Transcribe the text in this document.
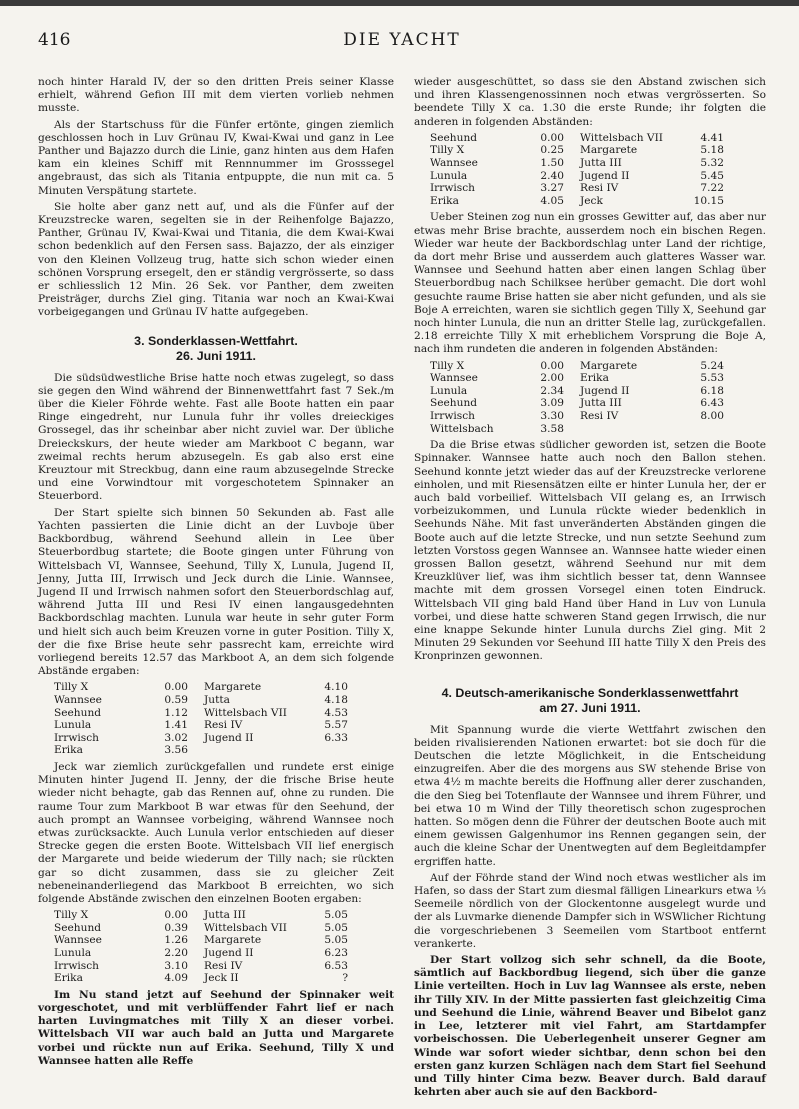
416	DIE YACHT

noch hinter Harald IV, der so den dritten Preis seiner Klasse erhielt, während Gefion III mit dem vierten vorlieb nehmen musste.

Als der Startschuss für die Fünfer ertönte, gingen ziemlich geschlossen hoch in Luv Grünau IV, Kwai-Kwai und ganz in Lee Panther und Bajazzo durch die Linie, ganz hinten aus dem Hafen kam ein kleines Schiff mit Rennnummer im Grosssegel angebraust, das sich als Titania entpuppte, die nun mit ca. 5 Minuten Verspätung startete.

Sie holte aber ganz nett auf, und als die Fünfer auf der Kreuzstrecke waren, segelten sie in der Reihenfolge Bajazzo, Panther, Grünau IV, Kwai-Kwai und Titania, die dem Kwai-Kwai schon bedenklich auf den Fersen sass. Bajazzo, der als einziger von den Kleinen Vollzeug trug, hatte sich schon wieder einen schönen Vorsprung ersegelt, den er ständig vergrösserte, so dass er schliesslich 12 Min. 26 Sek. vor Panther, dem zweiten Preisträger, durchs Ziel ging. Titania war noch an Kwai-Kwai vorbeigegangen und Grünau IV hatte aufgegeben.

3. Sonderklassen-Wettfahrt.
26. Juni 1911.

Die südsüdwestliche Brise hatte noch etwas zugelegt, so dass sie gegen den Wind während der Binnenwettfahrt fast 7 Sek./m über die Kieler Föhrde wehte. Fast alle Boote hatten ein paar Ringe eingedreht, nur Lunula fuhr ihr volles dreieckiges Grossegel, das ihr scheinbar aber nicht zuviel war. Der übliche Dreieckskurs, der heute wieder am Markboot C begann, war zweimal rechts herum abzusegeln. Es gab also erst eine Kreuztour mit Streckbug, dann eine raum abzusegelnde Strecke und eine Vorwindtour mit vorgeschotetem Spinnaker an Steuerbord.

Der Start spielte sich binnen 50 Sekunden ab. Fast alle Yachten passierten die Linie dicht an der Luvboje über Backbordbug, während Seehund allein in Lee über Steuerbordbug startete; die Boote gingen unter Führung von Wittelsbach VI, Wannsee, Seehund, Tilly X, Lunula, Jugend II, Jenny, Jutta III, Irrwisch und Jeck durch die Linie. Wannsee, Jugend II und Irrwisch nahmen sofort den Steuerbordschlag auf, während Jutta III und Resi IV einen langausgedehnten Backbordschlag machten. Lunula war heute in sehr guter Form und hielt sich auch beim Kreuzen vorne in guter Position. Tilly X, der die fixe Brise heute sehr passrecht kam, erreichte wird vorliegend bereits 12.57 das Markboot A, an dem sich folgende Abstände ergaben:

Tilly X	0.00	Margarete	4.10
Wannsee	0.59	Jutta	4.18
Seehund	1.12	Wittelsbach VII	4.53
Lunula	1.41	Resi IV	5.57
Irrwisch	3.02	Jugend II	6.33
Erika	3.56		

Jeck war ziemlich zurückgefallen und rundete erst einige Minuten hinter Jugend II. Jenny, der die frische Brise heute wieder nicht behagte, gab das Rennen auf, ohne zu runden. Die raume Tour zum Markboot B war etwas für den Seehund, der auch prompt an Wannsee vorbeiging, während Wannsee noch etwas zurücksackte. Auch Lunula verlor entschieden auf dieser Strecke gegen die ersten Boote. Wittelsbach VII lief energisch der Margarete und beide wiederum der Tilly nach; sie rückten gar so dicht zusammen, dass sie zu gleicher Zeit nebeneinanderliegend das Markboot B erreichten, wo sich folgende Abstände zwischen den einzelnen Booten ergaben:

Tilly X	0.00	Jutta III	5.05
Seehund	0.39	Wittelsbach VII	5.05
Wannsee	1.26	Margarete	5.05
Lunula	2.20	Jugend II	6.23
Irrwisch	3.10	Resi IV	6.53
Erika	4.09	Jeck II	?

Im Nu stand jetzt auf Seehund der Spinnaker weit vorgeschotet, und mit verblüffender Fahrt lief er nach harten Luvingmatches mit Tilly X an dieser vorbei. Wittelsbach VII war auch bald an Jutta und Margarete vorbei und rückte nun auf Erika. Seehund, Tilly X und Wannsee hatten alle Reffe

wieder ausgeschüttet, so dass sie den Abstand zwischen sich und ihren Klassengenossinnen noch etwas vergrösserten. So beendete Tilly X ca. 1.30 die erste Runde; ihr folgten die anderen in folgenden Abständen:

Seehund	0.00	Wittelsbach VII	4.41
Tilly X	0.25	Margarete	5.18
Wannsee	1.50	Jutta III	5.32
Lunula	2.40	Jugend II	5.45
Irrwisch	3.27	Resi IV	7.22
Erika	4.05	Jeck	10.15

Ueber Steinen zog nun ein grosses Gewitter auf, das aber nur etwas mehr Brise brachte, ausserdem noch ein bischen Regen. Wieder war heute der Backbordschlag unter Land der richtige, da dort mehr Brise und ausserdem auch glatteres Wasser war. Wannsee und Seehund hatten aber einen langen Schlag über Steuerbordbug nach Schilksee herüber gemacht. Die dort wohl gesuchte raume Brise hatten sie aber nicht gefunden, und als sie Boje A erreichten, waren sie sichtlich gegen Tilly X, Seehund gar noch hinter Lunula, die nun an dritter Stelle lag, zurückgefallen. 2.18 erreichte Tilly X mit erheblichem Vorsprung die Boje A, nach ihm rundeten die anderen in folgenden Abständen:

Tilly X	0.00	Margarete	5.24
Wannsee	2.00	Erika	5.53
Lunula	2.34	Jugend II	6.18
Seehund	3.09	Jutta III	6.43
Irrwisch	3.30	Resi IV	8.00
Wittelsbach	3.58		

Da die Brise etwas südlicher geworden ist, setzen die Boote Spinnaker. Wannsee hatte auch noch den Ballon stehen. Seehund konnte jetzt wieder das auf der Kreuzstrecke verlorene einholen, und mit Riesensätzen eilte er hinter Lunula her, der er auch bald vorbeilief. Wittelsbach VII gelang es, an Irrwisch vorbeizukommen, und Lunula rückte wieder bedenklich in Seehunds Nähe. Mit fast unveränderten Abständen gingen die Boote auch auf die letzte Strecke, und nun setzte Seehund zum letzten Vorstoss gegen Wannsee an. Wannsee hatte wieder einen grossen Ballon gesetzt, während Seehund nur mit dem Kreuzklüver lief, was ihm sichtlich besser tat, denn Wannsee machte mit dem grossen Vorsegel einen toten Eindruck. Wittelsbach VII ging bald Hand über Hand in Luv von Lunula vorbei, und diese hatte schweren Stand gegen Irrwisch, die nur eine knappe Sekunde hinter Lunula durchs Ziel ging. Mit 2 Minuten 29 Sekunden vor Seehund III hatte Tilly X den Preis des Kronprinzen gewonnen.

4. Deutsch-amerikanische Sonderklassenwettfahrt
am 27. Juni 1911.

Mit Spannung wurde die vierte Wettfahrt zwischen den beiden rivalisierenden Nationen erwartet: bot sie doch für die Deutschen die letzte Möglichkeit, in die Entscheidung einzugreifen. Aber die des morgens aus SW stehende Brise von etwa 4½ m machte bereits die Hoffnung aller derer zuschanden, die den Sieg bei Totenflaute der Wannsee und ihrem Führer, und bei etwa 10 m Wind der Tilly theoretisch schon zugesprochen hatten. So mögen denn die Führer der deutschen Boote auch mit einem gewissen Galgenhumor ins Rennen gegangen sein, der auch die kleine Schar der Unentwegten auf dem Begleitdampfer ergriffen hatte.

Auf der Föhrde stand der Wind noch etwas westlicher als im Hafen, so dass der Start zum diesmal fälligen Linearkurs etwa ⅓ Seemeile nördlich von der Glockentonne ausgelegt wurde und der als Luvmarke dienende Dampfer sich in WSWlicher Richtung die vorgeschriebenen 3 Seemeilen vom Startboot entfernt verankerte.

Der Start vollzog sich sehr schnell, da die Boote, sämtlich auf Backbordbug liegend, sich über die ganze Linie verteilten. Hoch in Luv lag Wannsee als erste, neben ihr Tilly XIV. In der Mitte passierten fast gleichzeitig Cima und Seehund die Linie, während Beaver und Bibelot ganz in Lee, letzterer mit viel Fahrt, am Startdampfer vorbeischossen. Die Ueberlegenheit unserer Gegner am Winde war sofort wieder sichtbar, denn schon bei den ersten ganz kurzen Schlägen nach dem Start fiel Seehund und Tilly hinter Cima bezw. Beaver durch. Bald darauf kehrten aber auch sie auf den Backbord-
